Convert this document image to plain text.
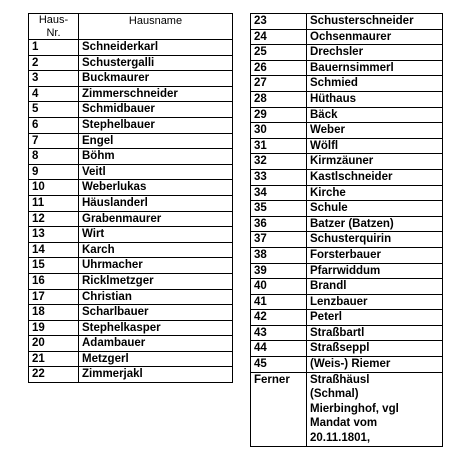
Haus-
Nr.	Hausname
1	Schneiderkarl
2	Schustergalli
3	Buckmaurer
4	Zimmerschneider
5	Schmidbauer
6	Stephelbauer
7	Engel
8	Böhm
9	Veitl
10	Weberlukas
11	Häuslanderl
12	Grabenmaurer
13	Wirt
14	Karch
15	Uhrmacher
16	Ricklmetzger
17	Christian
18	Scharlbauer
19	Stephelkasper
20	Adambauer
21	Metzgerl
22	Zimmerjakl
23	Schusterschneider
24	Ochsenmaurer
25	Drechsler
26	Bauernsimmerl
27	Schmied
28	Hüthaus
29	Bäck
30	Weber
31	Wölfl
32	Kirmzäuner
33	Kastlschneider
34	Kirche
35	Schule
36	Batzer (Batzen)
37	Schusterquirin
38	Forsterbauer
39	Pfarrwiddum
40	Brandl
41	Lenzbauer
42	Peterl
43	Straßbartl
44	Straßseppl
45	(Weis-) Riemer
Ferner	Straßhäusl
(Schmal)
Mierbinghof, vgl
Mandat vom
20.11.1801,
